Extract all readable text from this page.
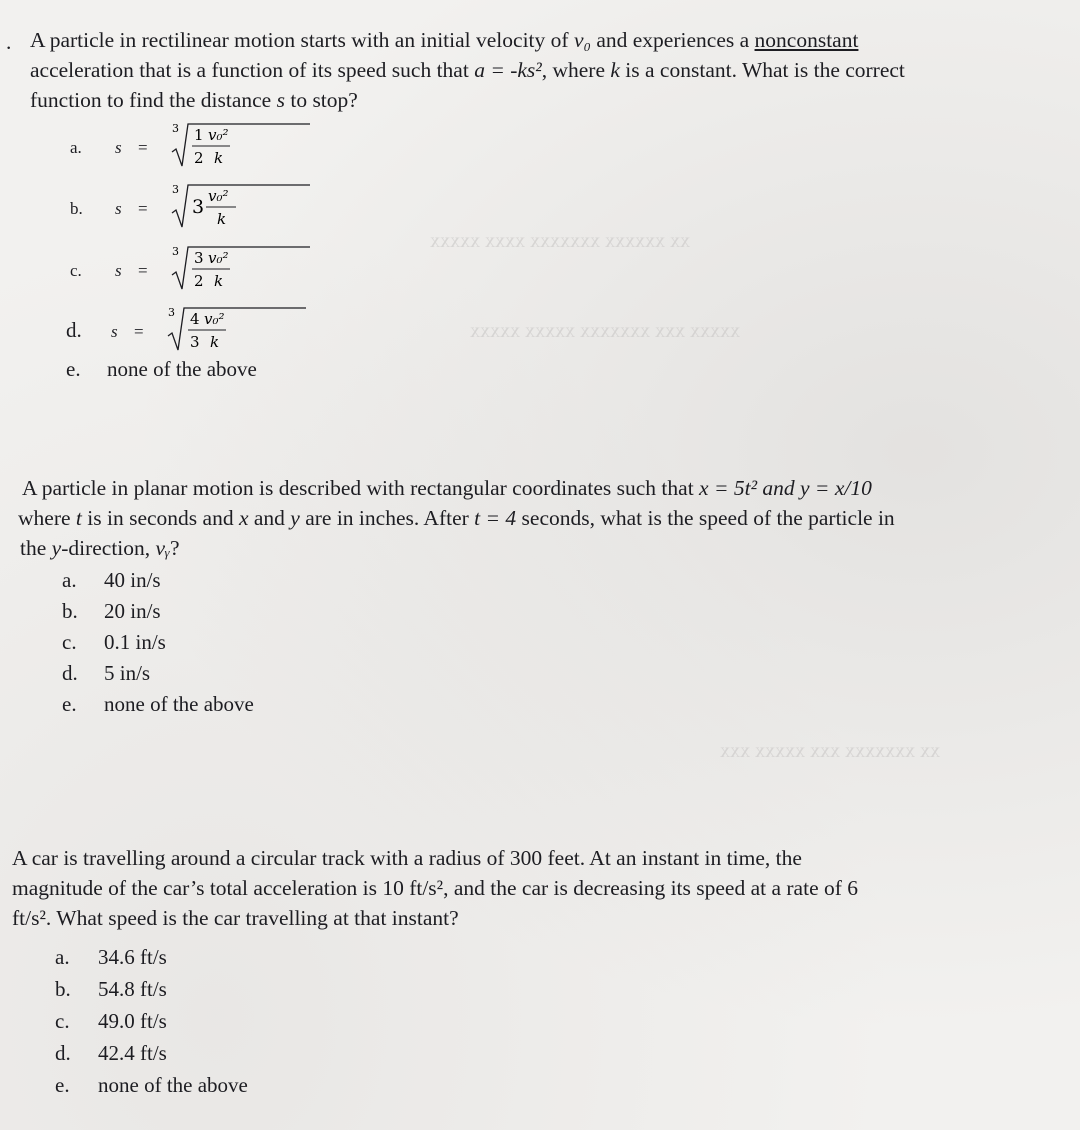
xx xxxxxx xxxxxxx xxxx xxxxx
xxxxx xxx xxxxxxx xxxxx xxxxx
xx xxxxxxx xxx xxxxx xxx
. A particle in rectilinear motion starts with an initial velocity of v₀ and experiences a nonconstant
acceleration that is a function of its speed such that a = -ks², where k is a constant. What is the correct
function to find the distance s to stop?
a. s =
3 1 v₀²
2 k
b. s =
3
3 v₀²
k
c. s =
3 3 v₀²
2 k
d. s =
3 4 v₀²
3 k
e. none of the above
A particle in planar motion is described with rectangular coordinates such that x = 5t² and y = x/10
where t is in seconds and x and y are in inches. After t = 4 seconds, what is the speed of the particle in
the y-direction, vᵧ?
a. 40 in/s
b. 20 in/s
c. 0.1 in/s
d. 5 in/s
e. none of the above
A car is travelling around a circular track with a radius of 300 feet. At an instant in time, the
magnitude of the car’s total acceleration is 10 ft/s², and the car is decreasing its speed at a rate of 6
ft/s². What speed is the car travelling at that instant?
a. 34.6 ft/s
b. 54.8 ft/s
c. 49.0 ft/s
d. 42.4 ft/s
e. none of the above
